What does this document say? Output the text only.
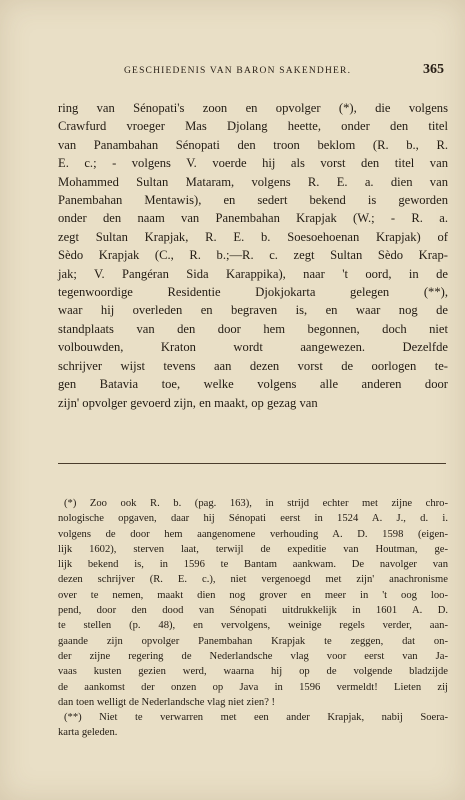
GESCHIEDENIS VAN BARON SAKENDHER.	365
ring van Sénopati's zoon en opvolger (*), die volgens
Crawfurd vroeger Mas Djolang heette, onder den titel
van Panambahan Sénopati den troon beklom (R. b., R.
E. c.; - volgens V. voerde hij als vorst den titel van
Mohammed Sultan Mataram, volgens R. E. a. dien van
Panembahan Mentawis), en sedert bekend is geworden
onder den naam van Panembahan Krapjak (W.; - R. a.
zegt Sultan Krapjak, R. E. b. Soesoehoenan Krapjak) of
Sèdo Krapjak (C., R. b.;—R. c. zegt Sultan Sèdo Krap-
jak; V. Pangéran Sida Karappika), naar 't oord, in de
tegenwoordige Residentie Djokjokarta gelegen (**),
waar hij overleden en begraven is, en waar nog de
standplaats van den door hem begonnen, doch niet
volbouwden, Kraton wordt aangewezen. Dezelfde
schrijver wijst tevens aan dezen vorst de oorlogen te-
gen Batavia toe, welke volgens alle anderen door
zijn' opvolger gevoerd zijn, en maakt, op gezag van
(*) Zoo ook R. b. (pag. 163), in strijd echter met zijne chro-
nologische opgaven, daar hij Sénopati eerst in 1524 A. J., d. i.
volgens de door hem aangenomene verhouding A. D. 1598 (eigen-
lijk 1602), sterven laat, terwijl de expeditie van Houtman, ge-
lijk bekend is, in 1596 te Bantam aankwam. De navolger van
dezen schrijver (R. E. c.), niet vergenoegd met zijn' anachronisme
over te nemen, maakt dien nog grover en meer in 't oog loo-
pend, door den dood van Sénopati uitdrukkelijk in 1601 A. D.
te stellen (p. 48), en vervolgens, weinige regels verder, aan-
gaande zijn opvolger Panembahan Krapjak te zeggen, dat on-
der zijne regering de Nederlandsche vlag voor eerst van Ja-
vaas kusten gezien werd, waarna hij op de volgende bladzijde
de aankomst der onzen op Java in 1596 vermeldt! Lieten zij
dan toen welligt de Nederlandsche vlag niet zien? !
(**) Niet te verwarren met een ander Krapjak, nabij Soera-
karta geleden.
